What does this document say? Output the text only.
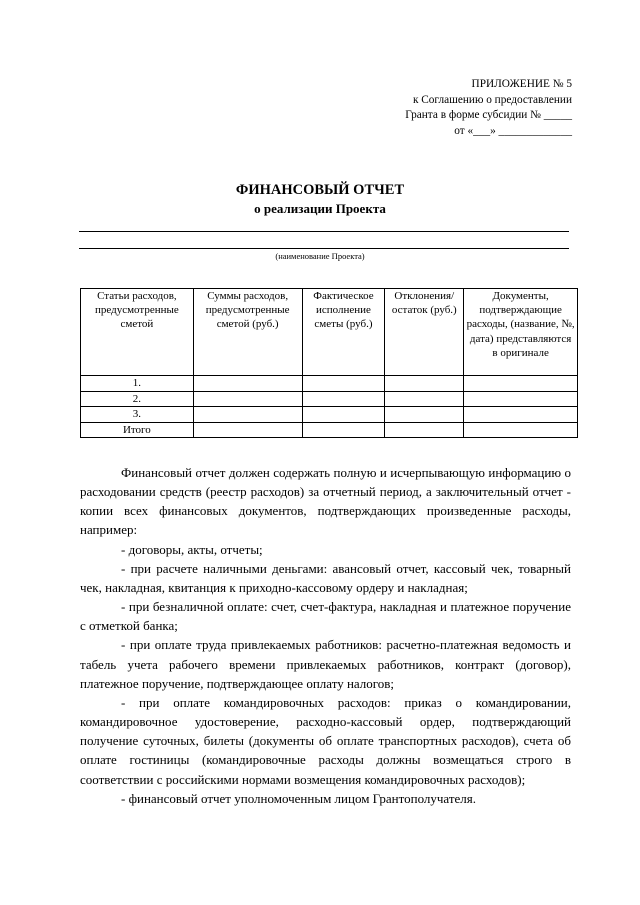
ПРИЛОЖЕНИЕ № 5
к Соглашению о предоставлении
Гранта в форме субсидии № _____
от «___» _____________
ФИНАНСОВЫЙ ОТЧЕТ
о реализации Проекта
(наименование Проекта)
Статьи расходов, предусмотренные сметой	Суммы расходов, предусмотренные сметой (руб.)	Фактическое исполнение сметы (руб.)	Отклонения/ остаток (руб.)	Документы, подтверждающие расходы, (название, №, дата) представляются в оригинале
1.				
2.				
3.				
Итого				

Финансовый отчет должен содержать полную и исчерпывающую информацию о расходовании средств (реестр расходов) за отчетный период, а заключительный отчет - копии всех финансовых документов, подтверждающих произведенные расходы, например:

- договоры, акты, отчеты;

- при расчете наличными деньгами: авансовый отчет, кассовый чек, товарный чек, накладная, квитанция к приходно-кассовому ордеру и накладная;

- при безналичной оплате: счет, счет-фактура, накладная и платежное поручение с отметкой банка;

- при оплате труда привлекаемых работников: расчетно-платежная ведомость и табель учета рабочего времени привлекаемых работников, контракт (договор), платежное поручение, подтверждающее оплату налогов;

- при оплате командировочных расходов: приказ о командировании, командировочное удостоверение, расходно-кассовый ордер, подтверждающий получение суточных, билеты (документы об оплате транспортных расходов), счета об оплате гостиницы (командировочные расходы должны возмещаться строго в соответствии с российскими нормами возмещения командировочных расходов);

- финансовый отчет уполномоченным лицом Грантополучателя.
